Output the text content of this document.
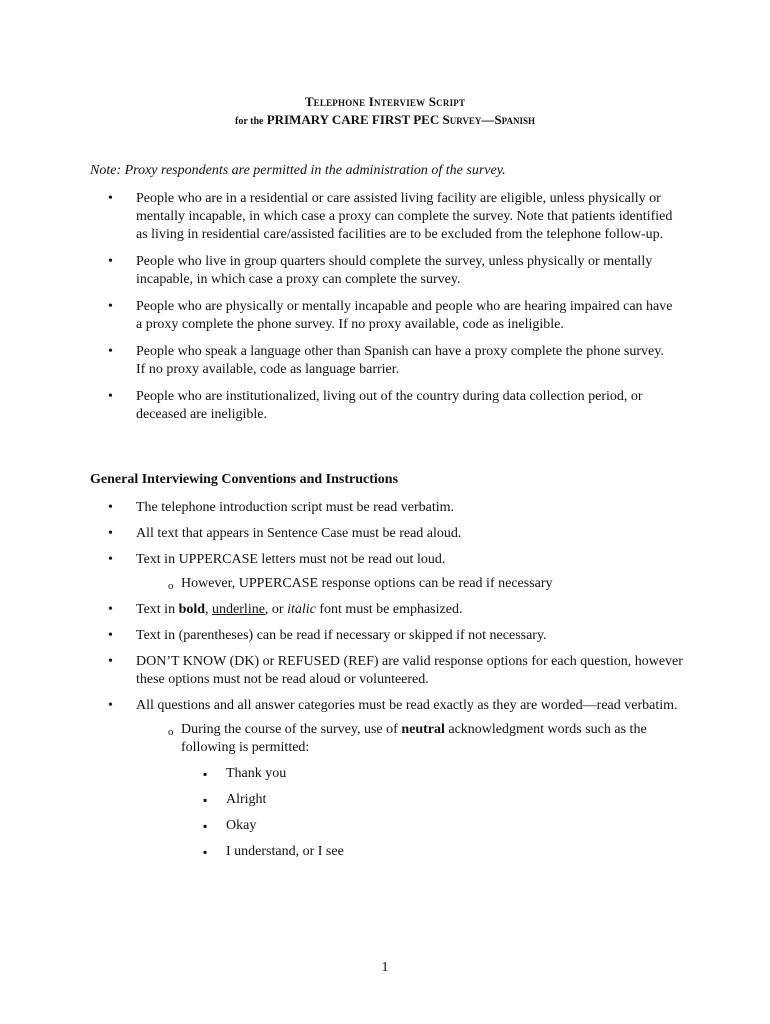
Telephone Interview Script
for the PRIMARY CARE FIRST PEC Survey—Spanish
Note: Proxy respondents are permitted in the administration of the survey.
• People who are in a residential or care assisted living facility are eligible, unless physically or mentally incapable, in which case a proxy can complete the survey. Note that patients identified as living in residential care/assisted facilities are to be excluded from the telephone follow-up.
• People who live in group quarters should complete the survey, unless physically or mentally incapable, in which case a proxy can complete the survey.
• People who are physically or mentally incapable and people who are hearing impaired can have a proxy complete the phone survey. If no proxy available, code as ineligible.
• People who speak a language other than Spanish can have a proxy complete the phone survey. If no proxy available, code as language barrier.
• People who are institutionalized, living out of the country during data collection period, or deceased are ineligible.
General Interviewing Conventions and Instructions
• The telephone introduction script must be read verbatim.
• All text that appears in Sentence Case must be read aloud.
• Text in UPPERCASE letters must not be read out loud.
o However, UPPERCASE response options can be read if necessary
• Text in bold, underline, or italic font must be emphasized.
• Text in (parentheses) can be read if necessary or skipped if not necessary.
• DON’T KNOW (DK) or REFUSED (REF) are valid response options for each question, however these options must not be read aloud or volunteered.
• All questions and all answer categories must be read exactly as they are worded—read verbatim.
o During the course of the survey, use of neutral acknowledgment words such as the following is permitted:
▪ Thank you
▪ Alright
▪ Okay
▪ I understand, or I see
1
